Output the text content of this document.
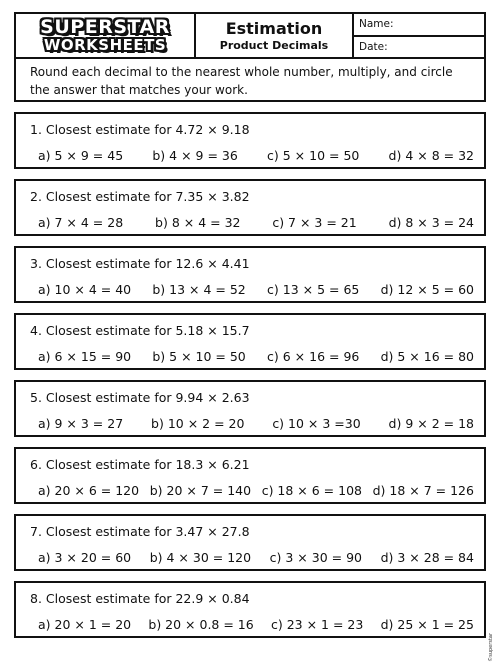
SUPERSTAR
WORKSHEETS
Estimation
Product Decimals
Name:
Date:
Round each decimal to the nearest whole number, multiply, and circle the answer that matches your work.
1. Closest estimate for 4.72 × 9.18
a) 5 × 9 = 45 b) 4 × 9 = 36 c) 5 × 10 = 50 d) 4 × 8 = 32
2. Closest estimate for 7.35 × 3.82
a) 7 × 4 = 28	b) 8 × 4 = 32	c) 7 × 3 = 21	d) 8 × 3 = 24
3. Closest estimate for 12.6 × 4.41
a) 10 × 4 = 40 b) 13 × 4 = 52 c) 13 × 5 = 65 d) 12 × 5 = 60
4. Closest estimate for 5.18 × 15.7
a) 6 × 15 = 90 b) 5 × 10 = 50 c) 6 × 16 = 96 d) 5 × 16 = 80
5. Closest estimate for 9.94 × 2.63
a) 9 × 3 = 27 b) 10 × 2 = 20 c) 10 × 3 =30 d) 9 × 2 = 18
6. Closest estimate for 18.3 × 6.21
a) 20 × 6 = 120 b) 20 × 7 = 140 c) 18 × 6 = 108 d) 18 × 7 = 126
7. Closest estimate for 3.47 × 27.8
a) 3 × 20 = 60 b) 4 × 30 = 120 c) 3 × 30 = 90 d) 3 × 28 = 84
8. Closest estimate for 22.9 × 0.84
a) 20 × 1 = 20 b) 20 × 0.8 = 16 c) 23 × 1 = 23 d) 25 × 1 = 25
©superstar
